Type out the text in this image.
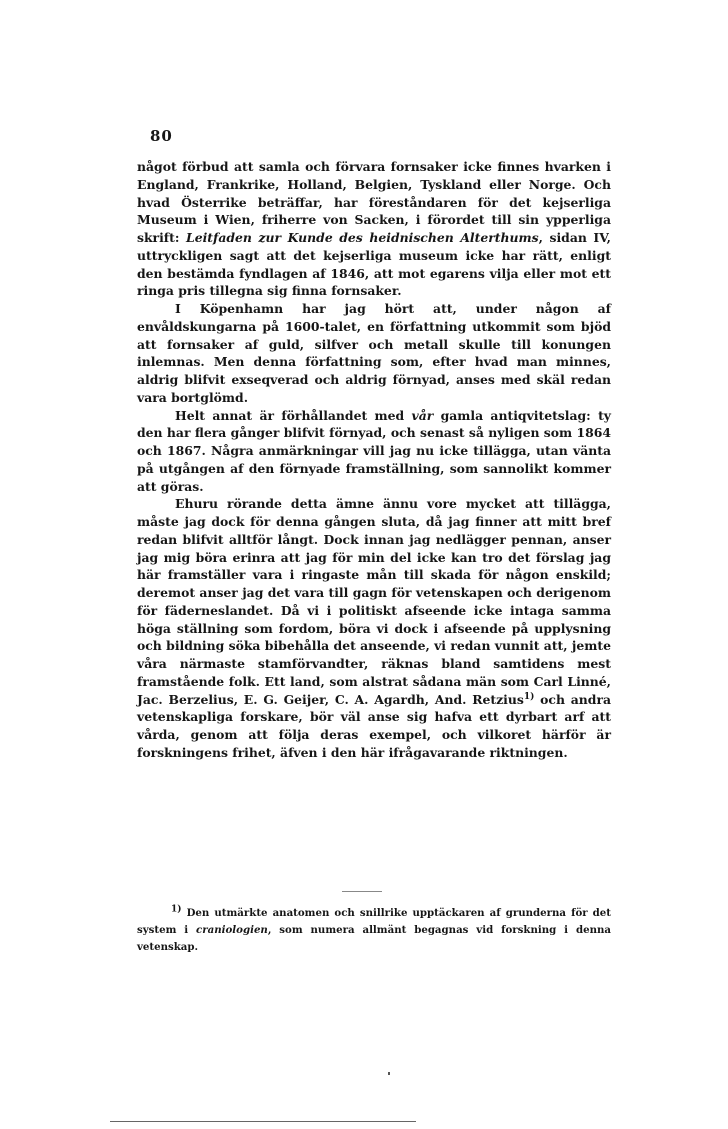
80

något förbud att samla och förvara fornsaker icke finnes hvarken i England, Frankrike, Holland, Belgien, Tyskland eller Norge. Och hvad Österrike beträffar, har föreståndaren för det kejserliga Museum i Wien, friherre von Sacken, i förordet till sin ypperliga skrift: Leitfaden zur Kunde des heidnischen Alterthums, sidan IV, uttryckligen sagt att det kejserliga museum icke har rätt, enligt den bestämda fyndlagen af 1846, att mot egarens vilja eller mot ett ringa pris tillegna sig finna fornsaker.

I Köpenhamn har jag hört att, under någon af envåldskungarna på 1600-talet, en författning utkommit som bjöd att fornsaker af guld, silfver och metall skulle till konungen inlemnas. Men denna författning som, efter hvad man minnes, aldrig blifvit exseqverad och aldrig förnyad, anses med skäl redan vara bortglömd.

Helt annat är förhållandet med vår gamla antiqvitetslag: ty den har flera gånger blifvit förnyad, och senast så nyligen som 1864 och 1867. Några anmärkningar vill jag nu icke tillägga, utan vänta på utgången af den förnyade framställning, som sannolikt kommer att göras.

Ehuru rörande detta ämne ännu vore mycket att tillägga, måste jag dock för denna gången sluta, då jag finner att mitt bref redan blifvit alltför långt. Dock innan jag nedlägger pennan, anser jag mig böra erinra att jag för min del icke kan tro det förslag jag här framställer vara i ringaste mån till skada för någon enskild; deremot anser jag det vara till gagn för vetenskapen och derigenom för fäderneslandet. Då vi i politiskt afseende icke intaga samma höga ställning som fordom, böra vi dock i afseende på upplysning och bildning söka bibehålla det anseende, vi redan vunnit att, jemte våra närmaste stamförvandter, räknas bland samtidens mest framstående folk. Ett land, som alstrat sådana män som Carl Linné, Jac. Berzelius, E. G. Geijer, C. A. Agardh, And. Retzius$^{1)}$ och andra vetenskapliga forskare, bör väl anse sig hafva ett dyrbart arf att vårda, genom att följa deras exempel, och vilkoret härför är forskningens frihet, äfven i den här ifrågavarande riktningen.

1) Den utmärkte anatomen och snillrike upptäckaren af grunderna för det system i craniologien, som numera allmänt begagnas vid forskning i denna vetenskap.
